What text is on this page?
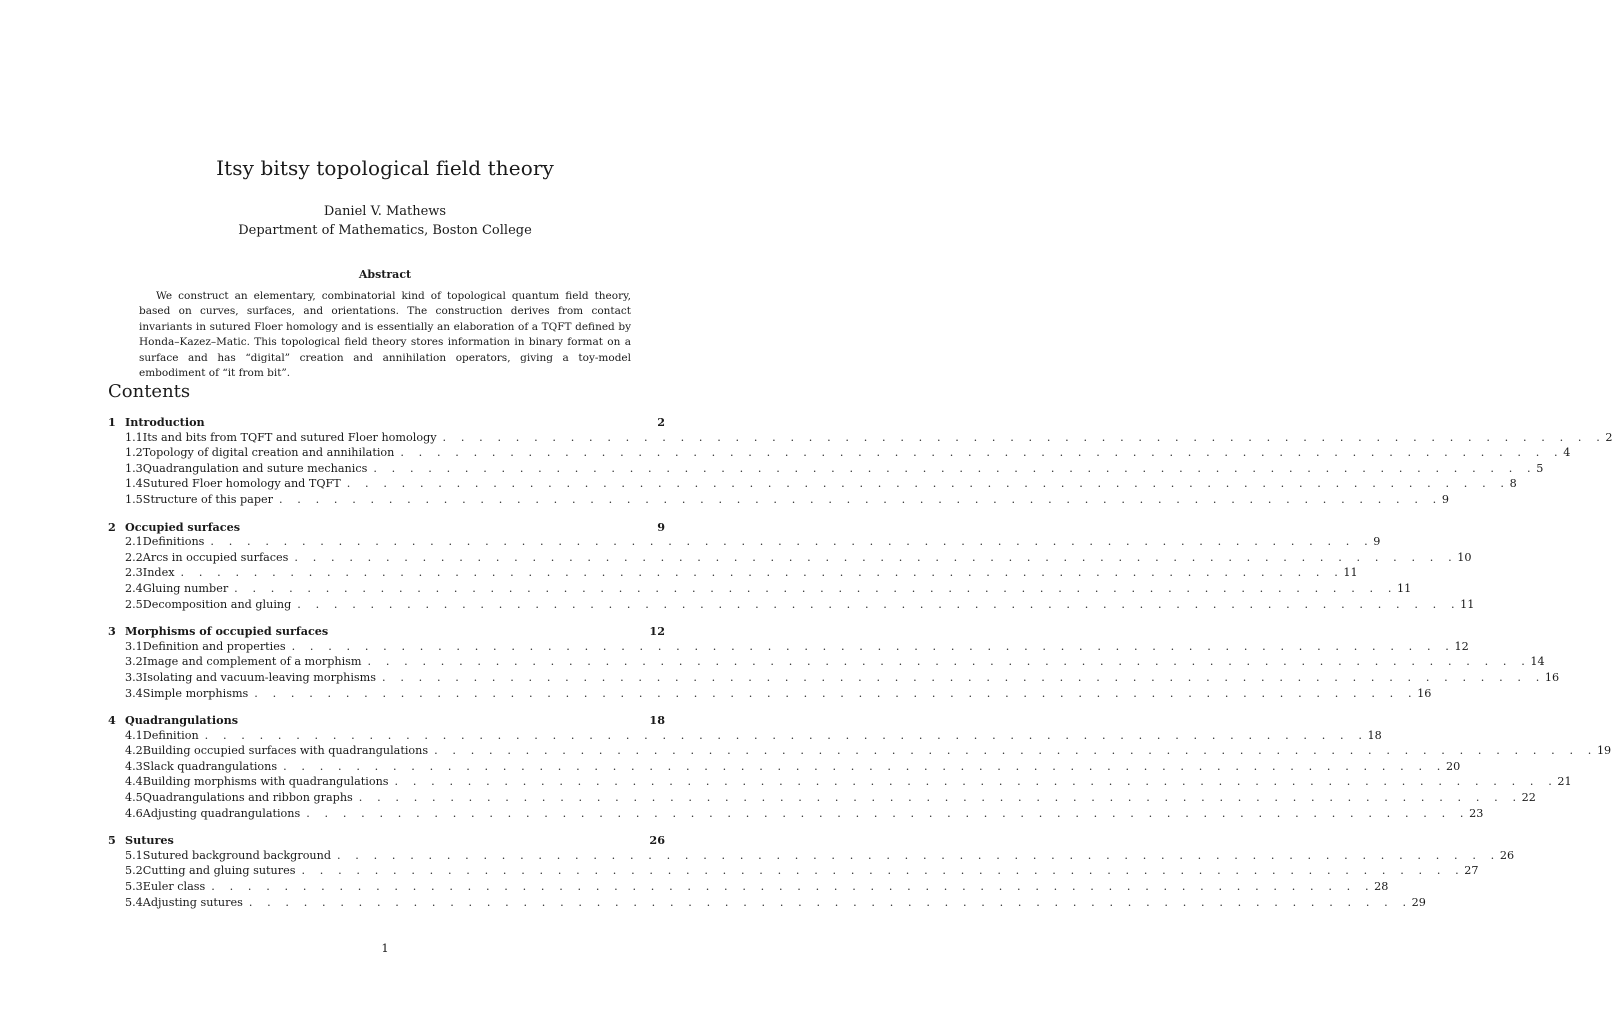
Itsy bitsy topological field theory
Daniel V. Mathews
Department of Mathematics, Boston College
Abstract
We construct an elementary, combinatorial kind of topological quantum field theory, based on curves, surfaces, and orientations. The construction derives from contact invariants in sutured Floer homology and is essentially an elaboration of a TQFT defined by Honda–Kazez–Matic. This topological field theory stores information in binary format on a surface and has “digital” creation and annihilation operators, giving a toy-model embodiment of “it from bit”.
Contents
1 Introduction	2
1.1 Its and bits from TQFT and sutured Floer homology . . . . . . . . . . . . . . . . . . . . . . . . . . . . . . . . . . . . . . . . . . . . . . . . . . . . . . . . . . . . . . . . 2
1.2 Topology of digital creation and annihilation . . . . . . . . . . . . . . . . . . . . . . . . . . . . . . . . . . . . . . . . . . . . . . . . . . . . . . . . . . . . . . . . 4
1.3 Quadrangulation and suture mechanics . . . . . . . . . . . . . . . . . . . . . . . . . . . . . . . . . . . . . . . . . . . . . . . . . . . . . . . . . . . . . . . . 5
1.4 Sutured Floer homology and TQFT . . . . . . . . . . . . . . . . . . . . . . . . . . . . . . . . . . . . . . . . . . . . . . . . . . . . . . . . . . . . . . . . 8
1.5 Structure of this paper . . . . . . . . . . . . . . . . . . . . . . . . . . . . . . . . . . . . . . . . . . . . . . . . . . . . . . . . . . . . . . . . 9
2 Occupied surfaces	9
2.1 Definitions . . . . . . . . . . . . . . . . . . . . . . . . . . . . . . . . . . . . . . . . . . . . . . . . . . . . . . . . . . . . . . . . 9
2.2 Arcs in occupied surfaces . . . . . . . . . . . . . . . . . . . . . . . . . . . . . . . . . . . . . . . . . . . . . . . . . . . . . . . . . . . . . . . . 10
2.3 Index . . . . . . . . . . . . . . . . . . . . . . . . . . . . . . . . . . . . . . . . . . . . . . . . . . . . . . . . . . . . . . . . 11
2.4 Gluing number . . . . . . . . . . . . . . . . . . . . . . . . . . . . . . . . . . . . . . . . . . . . . . . . . . . . . . . . . . . . . . . . 11
2.5 Decomposition and gluing . . . . . . . . . . . . . . . . . . . . . . . . . . . . . . . . . . . . . . . . . . . . . . . . . . . . . . . . . . . . . . . . 11
3 Morphisms of occupied surfaces	12
3.1 Definition and properties . . . . . . . . . . . . . . . . . . . . . . . . . . . . . . . . . . . . . . . . . . . . . . . . . . . . . . . . . . . . . . . . 12
3.2 Image and complement of a morphism . . . . . . . . . . . . . . . . . . . . . . . . . . . . . . . . . . . . . . . . . . . . . . . . . . . . . . . . . . . . . . . . 14
3.3 Isolating and vacuum-leaving morphisms . . . . . . . . . . . . . . . . . . . . . . . . . . . . . . . . . . . . . . . . . . . . . . . . . . . . . . . . . . . . . . . . 16
3.4 Simple morphisms . . . . . . . . . . . . . . . . . . . . . . . . . . . . . . . . . . . . . . . . . . . . . . . . . . . . . . . . . . . . . . . . 16
4 Quadrangulations	18
4.1 Definition . . . . . . . . . . . . . . . . . . . . . . . . . . . . . . . . . . . . . . . . . . . . . . . . . . . . . . . . . . . . . . . . 18
4.2 Building occupied surfaces with quadrangulations . . . . . . . . . . . . . . . . . . . . . . . . . . . . . . . . . . . . . . . . . . . . . . . . . . . . . . . . . . . . . . . . 19
4.3 Slack quadrangulations . . . . . . . . . . . . . . . . . . . . . . . . . . . . . . . . . . . . . . . . . . . . . . . . . . . . . . . . . . . . . . . . 20
4.4 Building morphisms with quadrangulations . . . . . . . . . . . . . . . . . . . . . . . . . . . . . . . . . . . . . . . . . . . . . . . . . . . . . . . . . . . . . . . . 21
4.5 Quadrangulations and ribbon graphs . . . . . . . . . . . . . . . . . . . . . . . . . . . . . . . . . . . . . . . . . . . . . . . . . . . . . . . . . . . . . . . . 22
4.6 Adjusting quadrangulations . . . . . . . . . . . . . . . . . . . . . . . . . . . . . . . . . . . . . . . . . . . . . . . . . . . . . . . . . . . . . . . . 23
5 Sutures	26
5.1 Sutured background background . . . . . . . . . . . . . . . . . . . . . . . . . . . . . . . . . . . . . . . . . . . . . . . . . . . . . . . . . . . . . . . . 26
5.2 Cutting and gluing sutures . . . . . . . . . . . . . . . . . . . . . . . . . . . . . . . . . . . . . . . . . . . . . . . . . . . . . . . . . . . . . . . . 27
5.3 Euler class . . . . . . . . . . . . . . . . . . . . . . . . . . . . . . . . . . . . . . . . . . . . . . . . . . . . . . . . . . . . . . . . 28
5.4 Adjusting sutures . . . . . . . . . . . . . . . . . . . . . . . . . . . . . . . . . . . . . . . . . . . . . . . . . . . . . . . . . . . . . . . . 29
1
